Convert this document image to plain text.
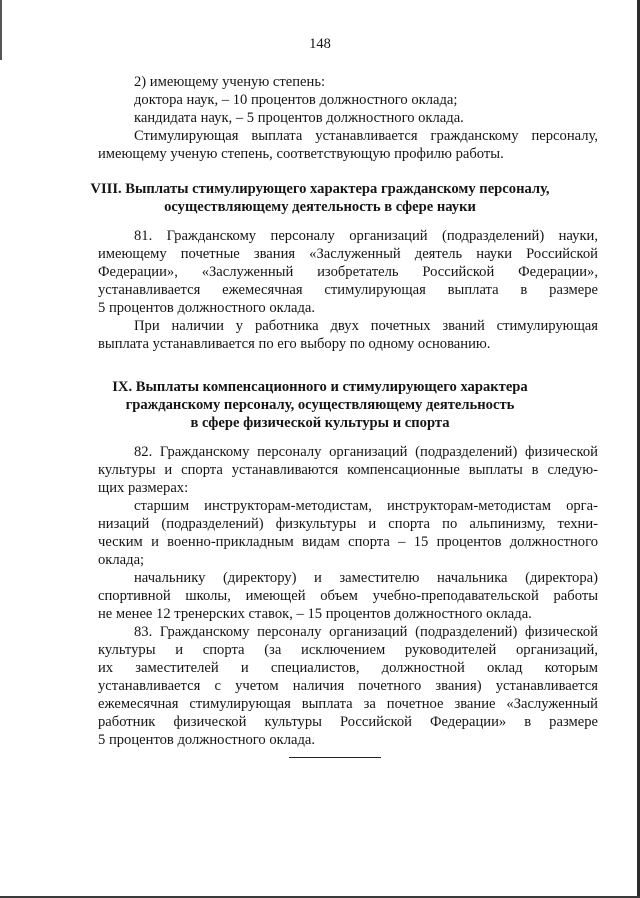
148
2) имеющему ученую степень:
доктора наук, – 10 процентов должностного оклада;
кандидата наук, – 5 процентов должностного оклада.
Стимулирующая выплата устанавливается гражданскому персоналу,
имеющему ученую степень, соответствующую профилю работы.
VIII. Выплаты стимулирующего характера гражданскому персоналу,
осуществляющему деятельность в сфере науки
81. Гражданскому персоналу организаций (подразделений) науки,
имеющему почетные звания «Заслуженный деятель науки Российской
Федерации», «Заслуженный изобретатель Российской Федерации»,
устанавливается ежемесячная стимулирующая выплата в размере
5 процентов должностного оклада.
При наличии у работника двух почетных званий стимулирующая
выплата устанавливается по его выбору по одному основанию.
IX. Выплаты компенсационного и стимулирующего характера
гражданскому персоналу, осуществляющему деятельность
в сфере физической культуры и спорта
82. Гражданскому персоналу организаций (подразделений) физической
культуры и спорта устанавливаются компенсационные выплаты в следую-
щих размерах:
старшим инструкторам-методистам, инструкторам-методистам орга-
низаций (подразделений) физкультуры и спорта по альпинизму, техни-
ческим и военно-прикладным видам спорта – 15 процентов должностного
оклада;
начальнику (директору) и заместителю начальника (директора)
спортивной школы, имеющей объем учебно-преподавательской работы
не менее 12 тренерских ставок, – 15 процентов должностного оклада.
83. Гражданскому персоналу организаций (подразделений) физической
культуры и спорта (за исключением руководителей организаций,
их заместителей и специалистов, должностной оклад которым
устанавливается с учетом наличия почетного звания) устанавливается
ежемесячная стимулирующая выплата за почетное звание «Заслуженный
работник физической культуры Российской Федерации» в размере
5 процентов должностного оклада.
